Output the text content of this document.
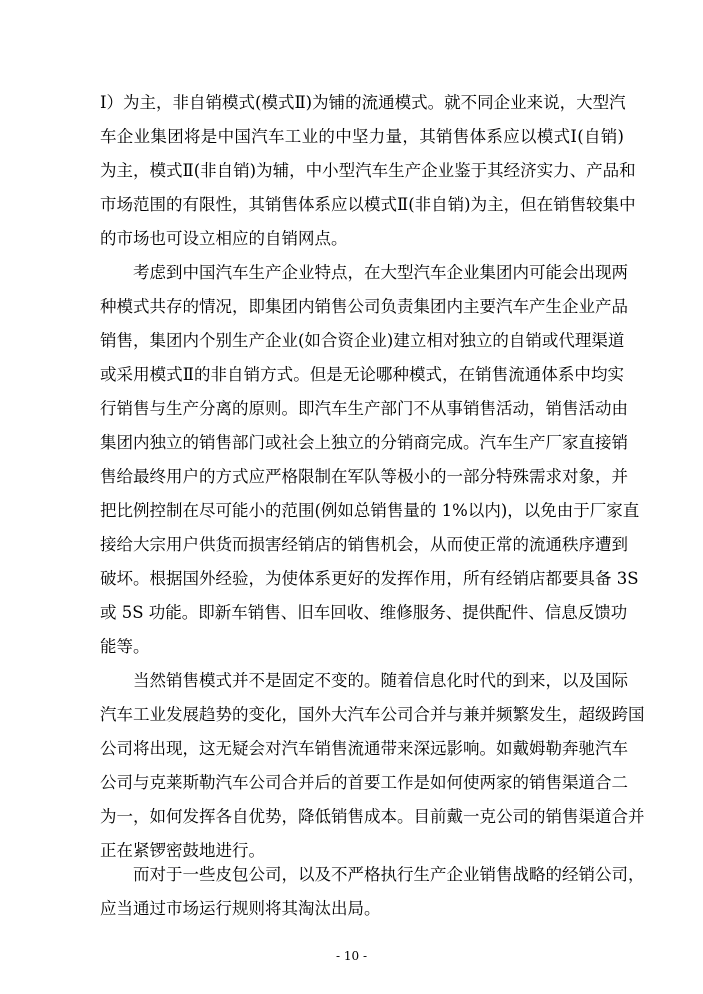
Ⅰ）为主，非自销模式(模式Ⅱ)为铺的流通模式。就不同企业来说，大型汽
车企业集团将是中国汽车工业的中坚力量，其销售体系应以模式Ⅰ(自销)
为主，模式Ⅱ(非自销)为辅，中小型汽车生产企业鉴于其经济实力、产品和
市场范围的有限性，其销售体系应以模式Ⅱ(非自销)为主，但在销售较集中
的市场也可设立相应的自销网点。
考虑到中国汽车生产企业特点，在大型汽车企业集团内可能会出现两
种模式共存的情况，即集团内销售公司负责集团内主要汽车产生企业产品
销售，集团内个别生产企业(如合资企业)建立相对独立的自销或代理渠道
或采用模式Ⅱ的非自销方式。但是无论哪种模式，在销售流通体系中均实
行销售与生产分离的原则。即汽车生产部门不从事销售活动，销售活动由
集团内独立的销售部门或社会上独立的分销商完成。汽车生产厂家直接销
售给最终用户的方式应严格限制在军队等极小的一部分特殊需求对象，并
把比例控制在尽可能小的范围(例如总销售量的 1%以内)，以免由于厂家直
接给大宗用户供货而损害经销店的销售机会，从而使正常的流通秩序遭到
破坏。根据国外经验，为使体系更好的发挥作用，所有经销店都要具备 3S
或 5S 功能。即新车销售、旧车回收、维修服务、提供配件、信息反馈功
能等。
当然销售模式并不是固定不变的。随着信息化时代的到来，以及国际
汽车工业发展趋势的变化，国外大汽车公司合并与兼并频繁发生，超级跨国
公司将出现，这无疑会对汽车销售流通带来深远影响。如戴姆勒奔驰汽车
公司与克莱斯勒汽车公司合并后的首要工作是如何使两家的销售渠道合二
为一，如何发挥各自优势，降低销售成本。目前戴一克公司的销售渠道合并
正在紧锣密鼓地进行。
而对于一些皮包公司，以及不严格执行生产企业销售战略的经销公司，
应当通过市场运行规则将其淘汰出局。
- 10 -
